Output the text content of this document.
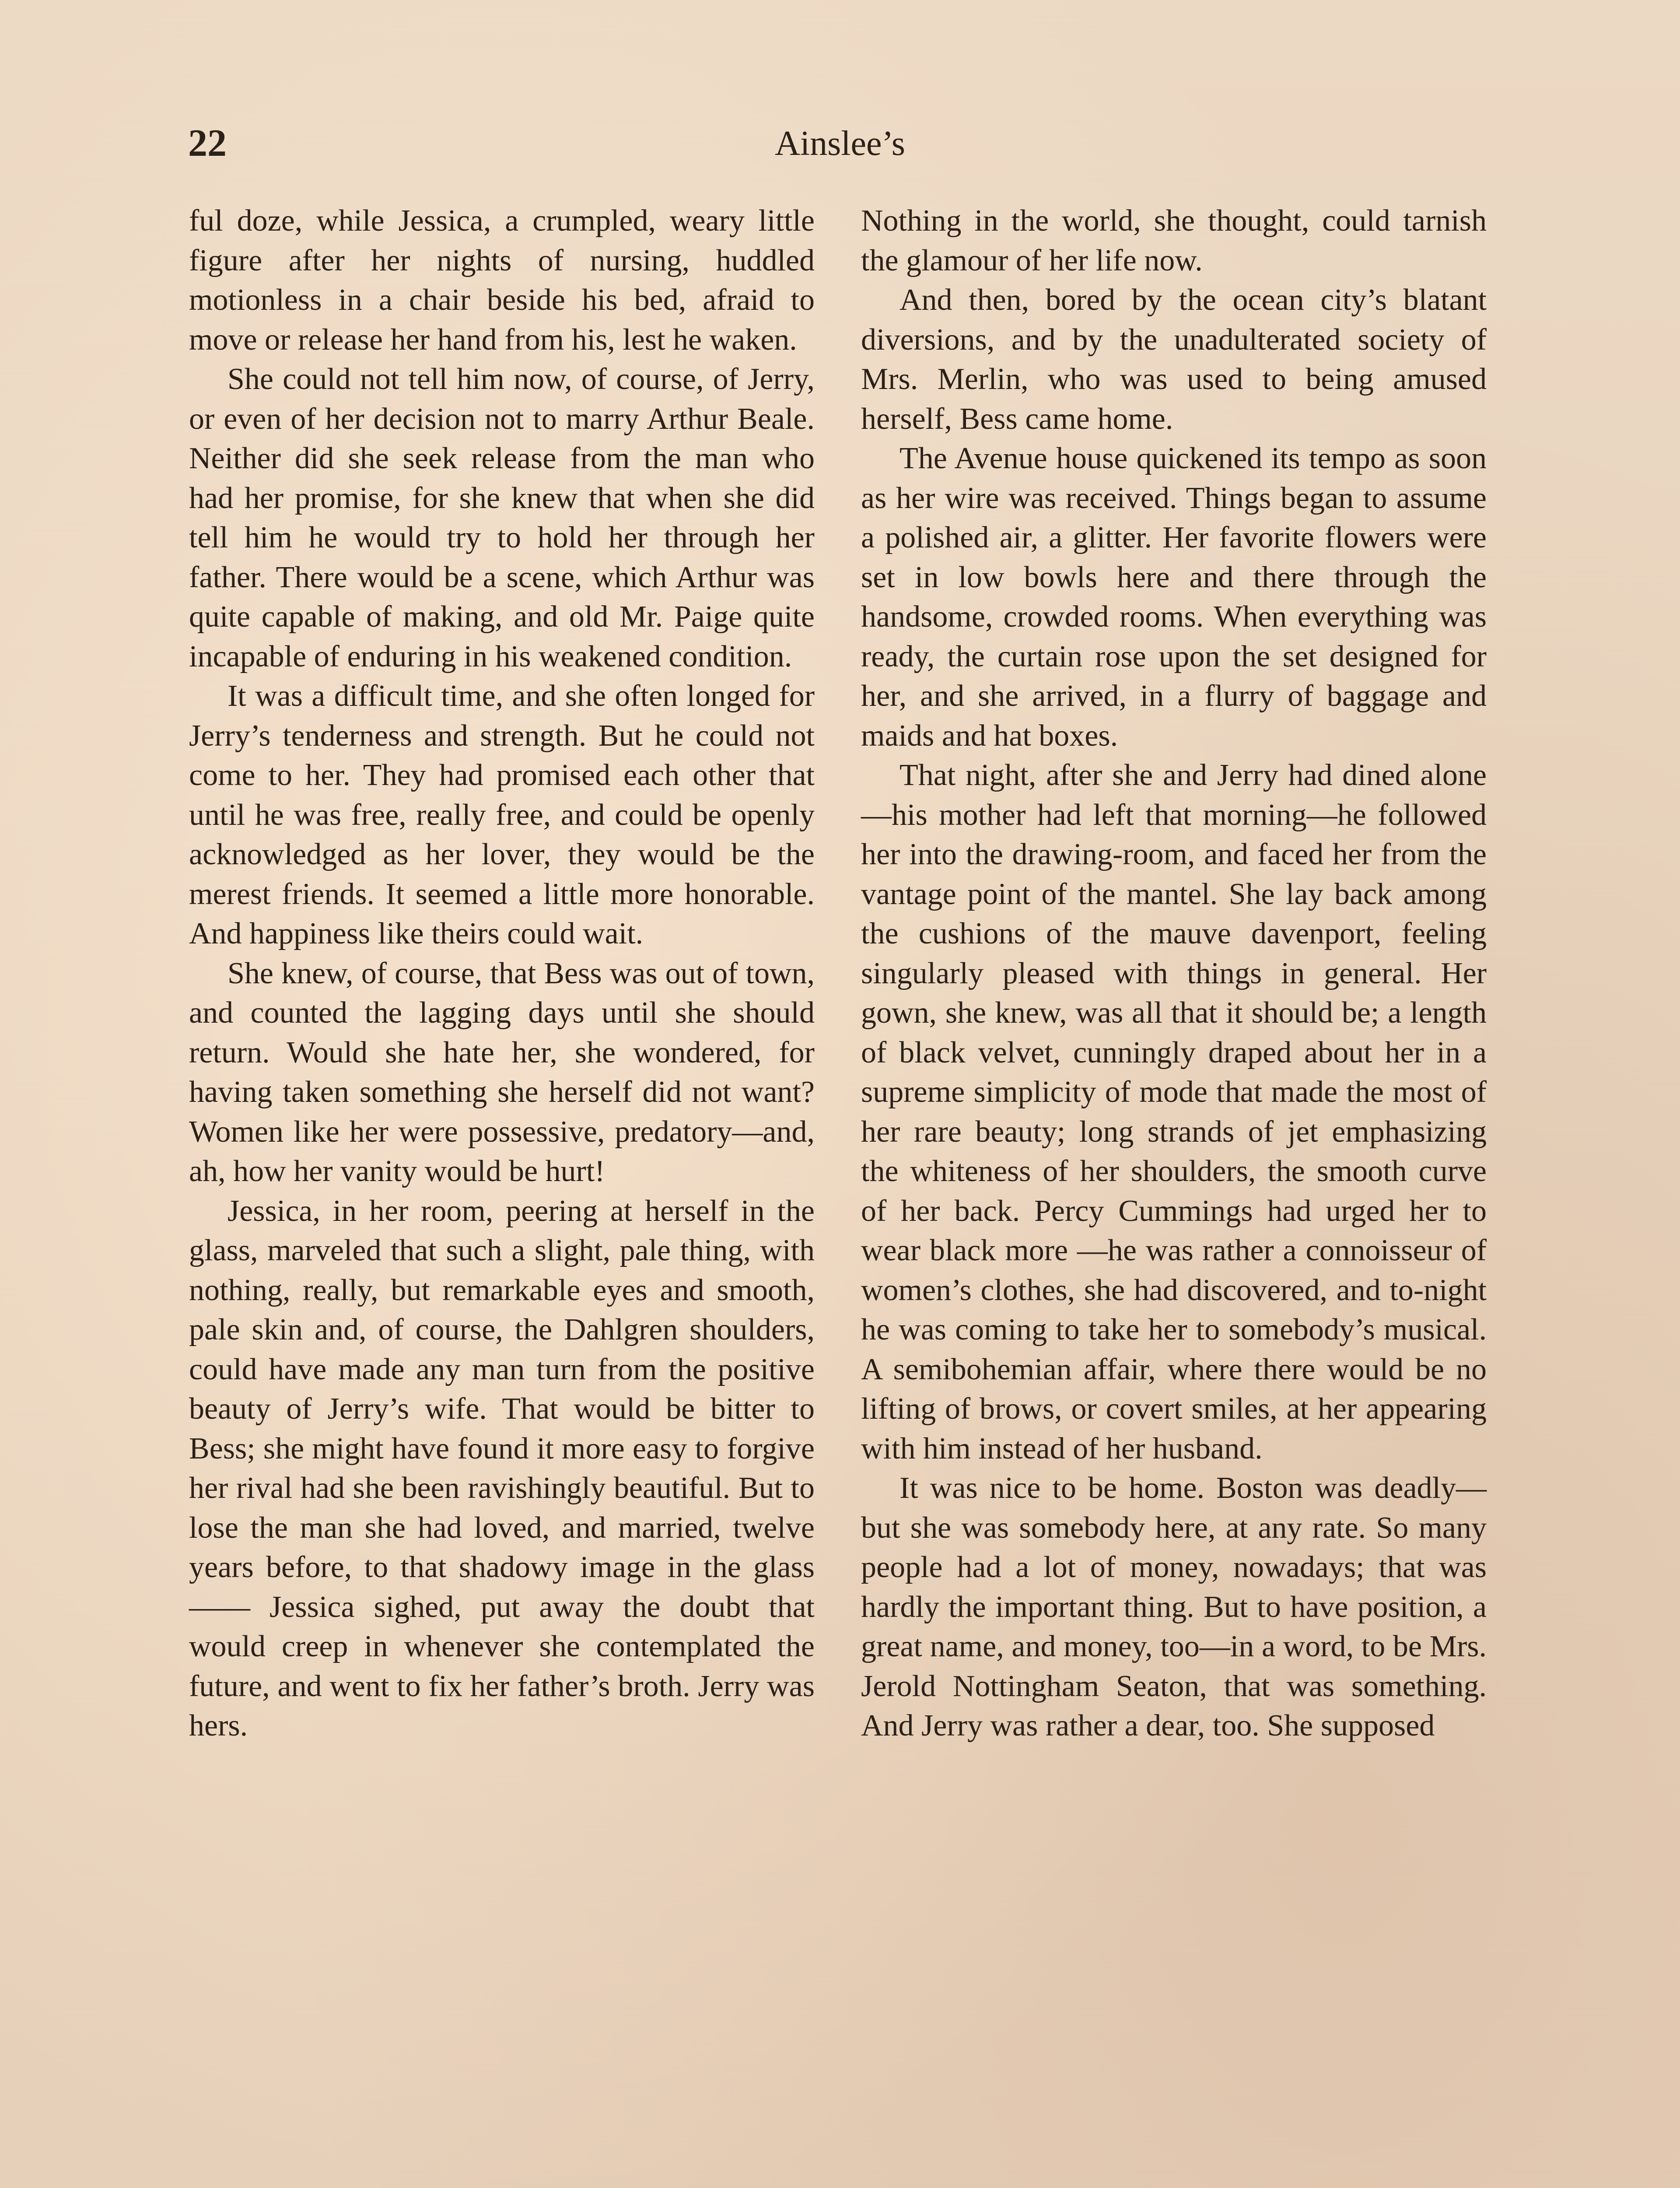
22	Ainslee’s

ful doze, while Jessica, a crumpled, weary little figure after her nights of nursing, huddled motionless in a chair beside his bed, afraid to move or release her hand from his, lest he waken.

She could not tell him now, of course, of Jerry, or even of her decision not to marry Arthur Beale. Neither did she seek release from the man who had her promise, for she knew that when she did tell him he would try to hold her through her father. There would be a scene, which Arthur was quite capable of making, and old Mr. Paige quite incapable of enduring in his weakened condition.

It was a difficult time, and she often longed for Jerry’s tenderness and strength. But he could not come to her. They had promised each other that until he was free, really free, and could be openly acknowledged as her lover, they would be the merest friends. It seemed a little more honorable. And happiness like theirs could wait.

She knew, of course, that Bess was out of town, and counted the lagging days until she should return. Would she hate her, she wondered, for having taken something she herself did not want? Women like her were possessive, predatory—and, ah, how her vanity would be hurt!

Jessica, in her room, peering at herself in the glass, marveled that such a slight, pale thing, with nothing, really, but remarkable eyes and smooth, pale skin and, of course, the Dahlgren shoulders, could have made any man turn from the positive beauty of Jerry’s wife. That would be bitter to Bess; she might have found it more easy to forgive her rival had she been ravishingly beautiful. But to lose the man she had loved, and married, twelve years before, to that shadowy image in the glass—— Jessica sighed, put away the doubt that would creep in whenever she contemplated the future, and went to fix her father’s broth. Jerry was hers.

Nothing in the world, she thought, could tarnish the glamour of her life now.

And then, bored by the ocean city’s blatant diversions, and by the unadulterated society of Mrs. Merlin, who was used to being amused herself, Bess came home.

The Avenue house quickened its tempo as soon as her wire was received. Things began to assume a polished air, a glitter. Her favorite flowers were set in low bowls here and there through the handsome, crowded rooms. When everything was ready, the curtain rose upon the set designed for her, and she arrived, in a flurry of baggage and maids and hat boxes.

That night, after she and Jerry had dined alone—his mother had left that morning—he followed her into the drawing-room, and faced her from the vantage point of the mantel. She lay back among the cushions of the mauve davenport, feeling singularly pleased with things in general. Her gown, she knew, was all that it should be; a length of black velvet, cunningly draped about her in a supreme simplicity of mode that made the most of her rare beauty; long strands of jet emphasizing the whiteness of her shoulders, the smooth curve of her back. Percy Cummings had urged her to wear black more —he was rather a connoisseur of women’s clothes, she had discovered, and to-night he was coming to take her to somebody’s musical. A semibohemian affair, where there would be no lifting of brows, or covert smiles, at her appearing with him instead of her husband.

It was nice to be home. Boston was deadly—but she was somebody here, at any rate. So many people had a lot of money, nowadays; that was hardly the important thing. But to have position, a great name, and money, too—in a word, to be Mrs. Jerold Nottingham Seaton, that was something. And Jerry was rather a dear, too. She supposed
